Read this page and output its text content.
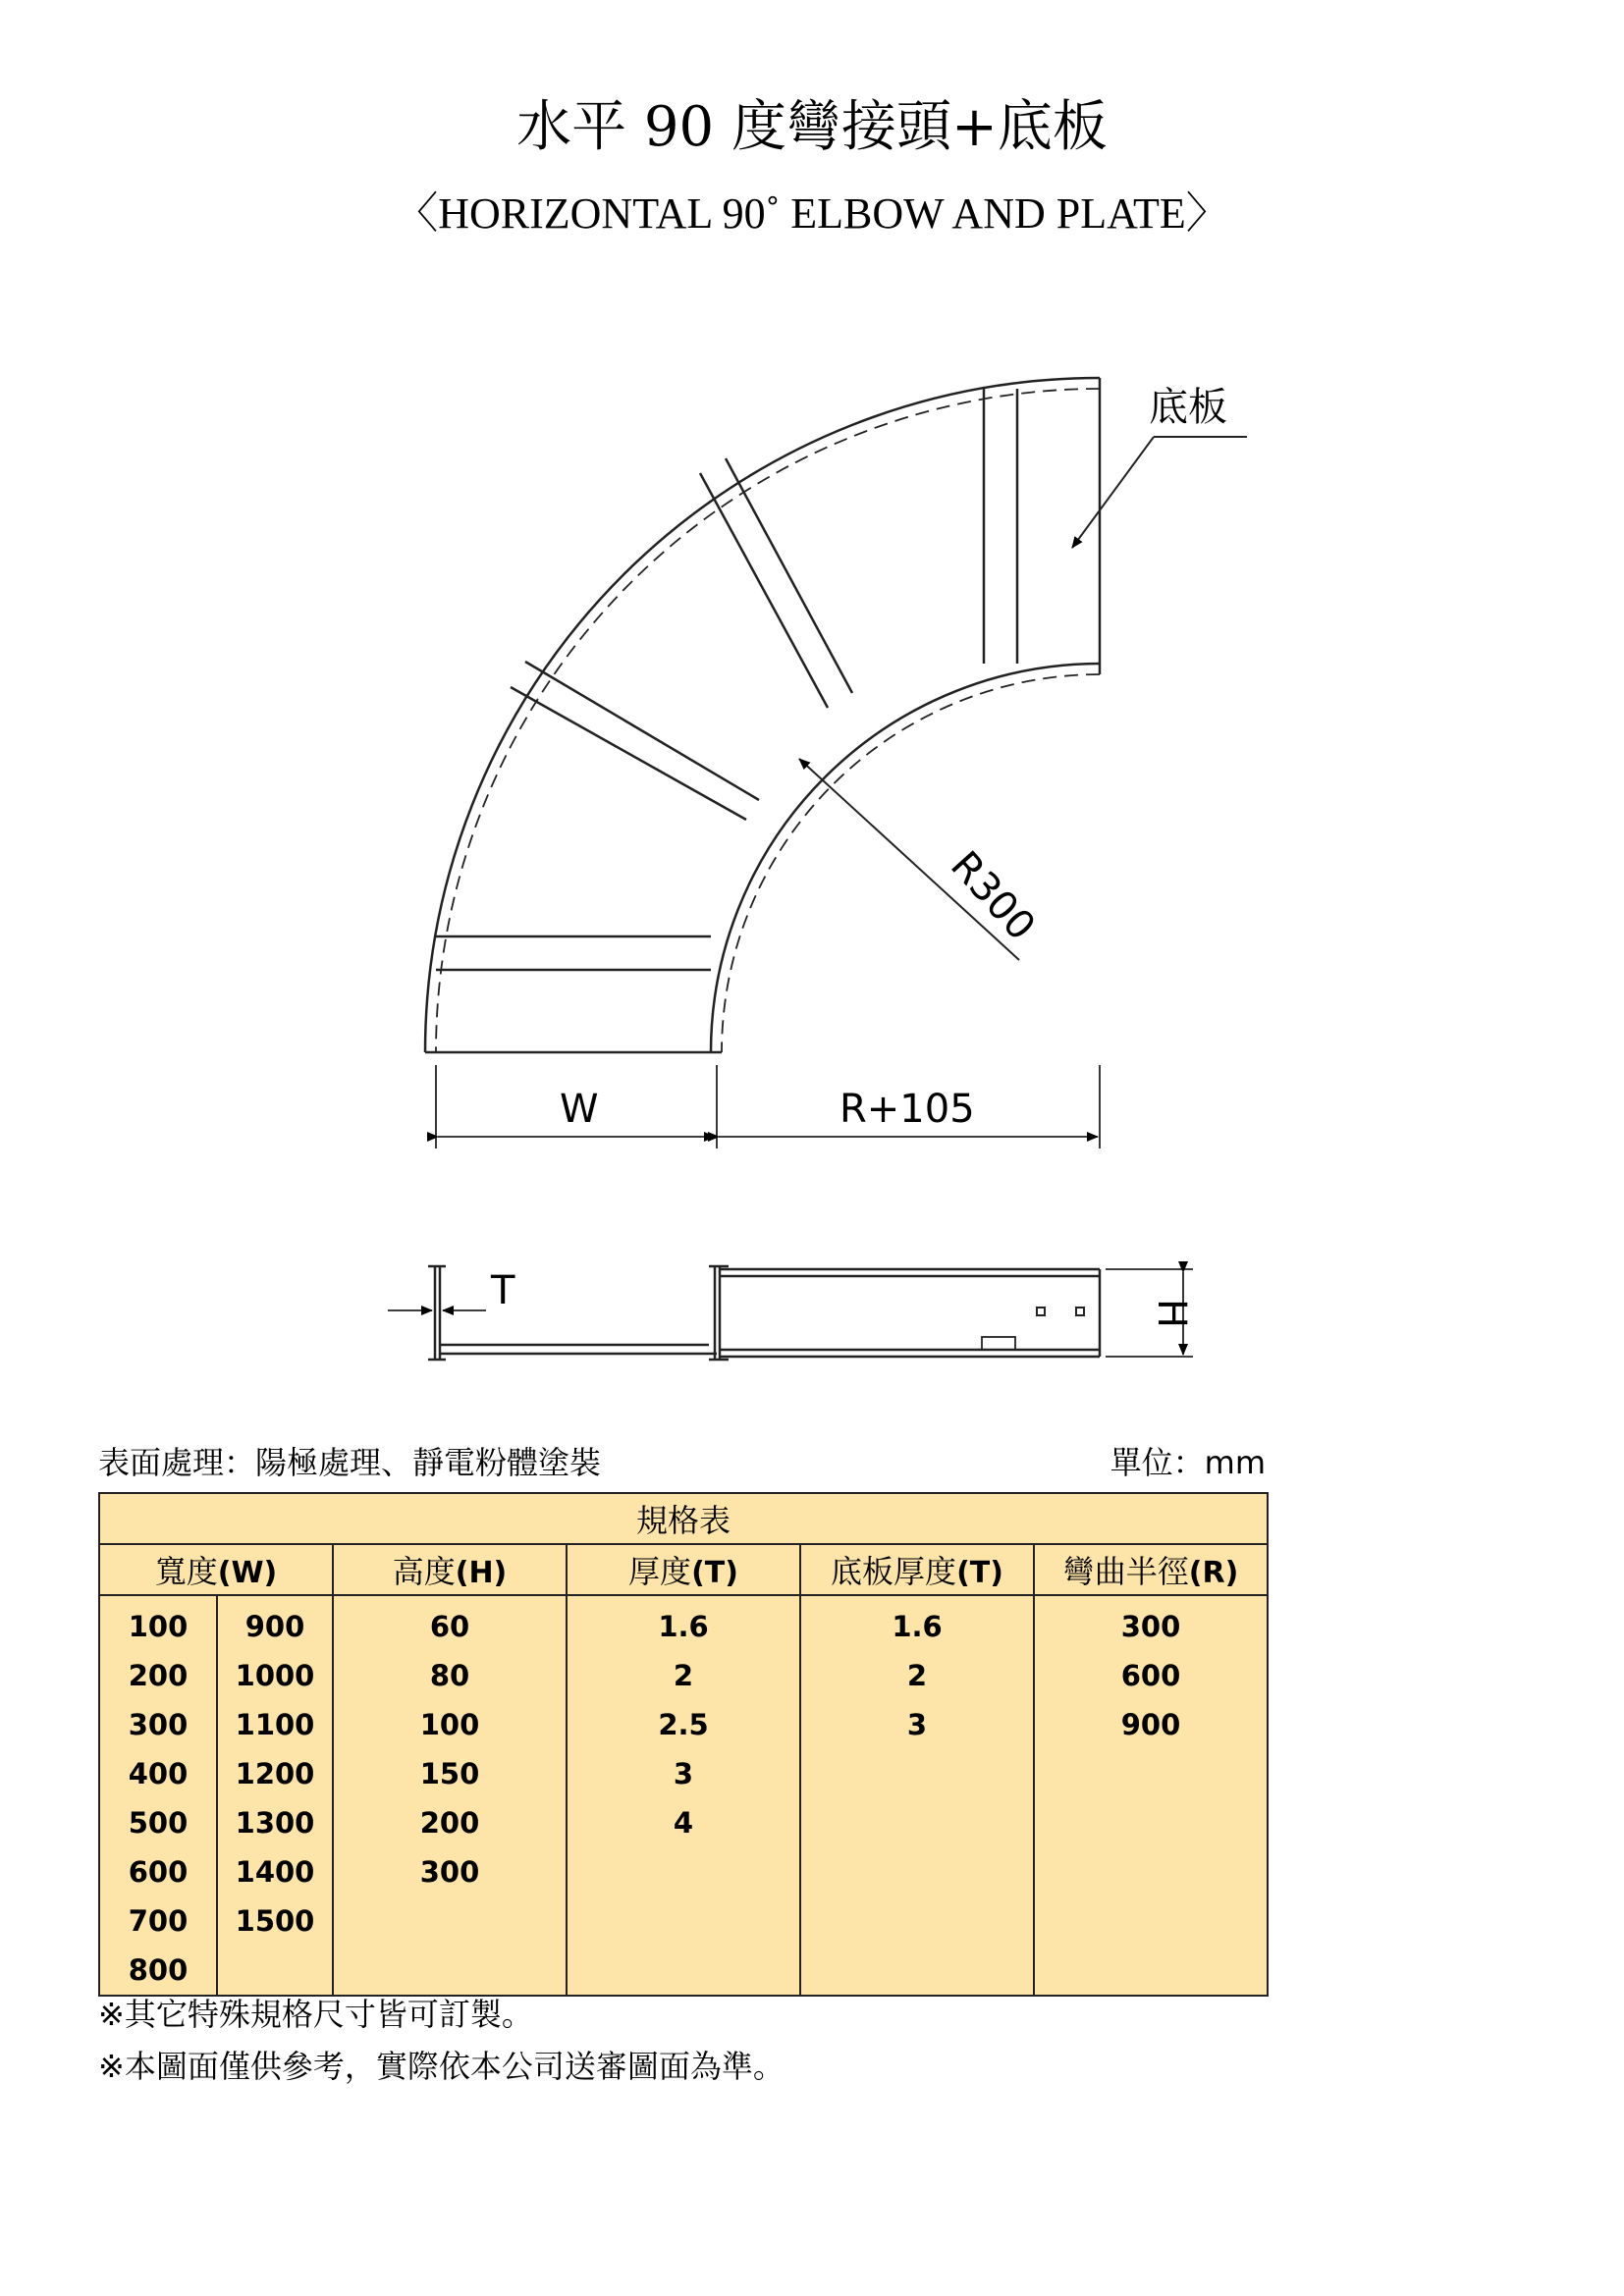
水平 90 度彎接頭+底板
〈HORIZONTAL 90˚ ELBOW AND PLATE〉
底板
R300
W	R+105
T
H
表面處理：陽極處理、靜電粉體塗裝	單位：mm
規格表					
寬度(W)		高度(H)	厚度(T)	底板厚度(T)	彎曲半徑(R)
100	900	60	1.6	1.6	300
200	1000	80	2	2	600
300	1100	100	2.5	3	900
400	1200	150	3		
500	1300	200	4		
600	1400	300			
700	1500				
800					
※其它特殊規格尺寸皆可訂製。
※本圖面僅供參考，實際依本公司送審圖面為準。
